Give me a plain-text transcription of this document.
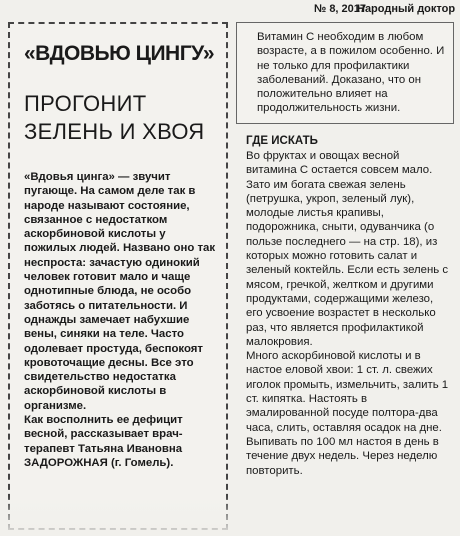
№ 8, 2017
Народный доктор
«ВДОВЬЮ ЦИНГУ»
ПРОГОНИТ ЗЕЛЕНЬ И ХВОЯ

«Вдовья цинга» — звучит пугающе. На самом деле так в народе называют состояние, связанное с недостатком аскорбиновой кислоты у пожилых людей. Названо оно так неспроста: зачастую одинокий человек готовит мало и чаще однотипные блюда, не особо заботясь о питательности. И однажды замечает набухшие вены, синяки на теле. Часто одолевает простуда, беспокоят кровоточащие десны. Все это свидетельство недостатка аскорбиновой кислоты в организме.

Как восполнить ее дефицит весной, рассказывает врач-терапевт Татьяна Ивановна ЗАДОРОЖНАЯ (г. Гомель).

Витамин С необходим в любом возрасте, а в пожилом особенно. И не только для профилактики заболеваний. Доказано, что он положительно влияет на продолжительность жизни.
ГДЕ ИСКАТЬ

Во фруктах и овощах весной витамина С остается совсем мало. Зато им богата свежая зелень (петрушка, укроп, зеленый лук), молодые листья крапивы, подорожника, сныти, одуванчика (о пользе последнего — на стр. 18), из которых можно готовить салат и зеленый коктейль. Если есть зелень с мясом, гречкой, желтком и другими продуктами, содержащими железо, его усвоение возрастет в несколько раз, что является профилактикой малокровия.

Много аскорбиновой кислоты и в настое еловой хвои: 1 ст. л. свежих иголок промыть, измельчить, залить 1 ст. кипятка. Настоять в эмалированной посуде полтора-два часа, слить, оставляя осадок на дне. Выпивать по 100 мл настоя в день в течение двух недель. Через неделю повторить.
